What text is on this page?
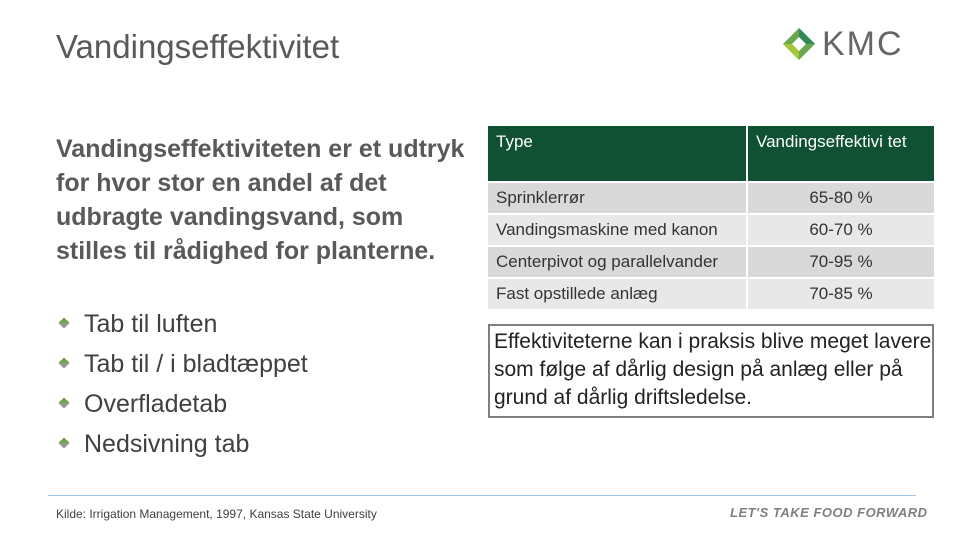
Vandingseffektivitet	KMC
Vandingseffektiviteten er et udtryk for hvor stor en andel af det udbragte vandingsvand, som stilles til rådighed for planterne.
Tab til luften
Tab til / i bladtæppet
Overfladetab
Nedsivning tab
Type	Vandingseffektivi tet
Sprinklerrør	65-80 %
Vandingsmaskine med kanon	60-70 %
Centerpivot og parallelvander	70-95 %
Fast opstillede anlæg	70-85 %
Effektiviteterne kan i praksis blive meget lavere som følge af dårlig design på anlæg eller på grund af dårlig driftsledelse.
Kilde: Irrigation Management, 1997, Kansas State University	LET'S TAKE FOOD FORWARD
